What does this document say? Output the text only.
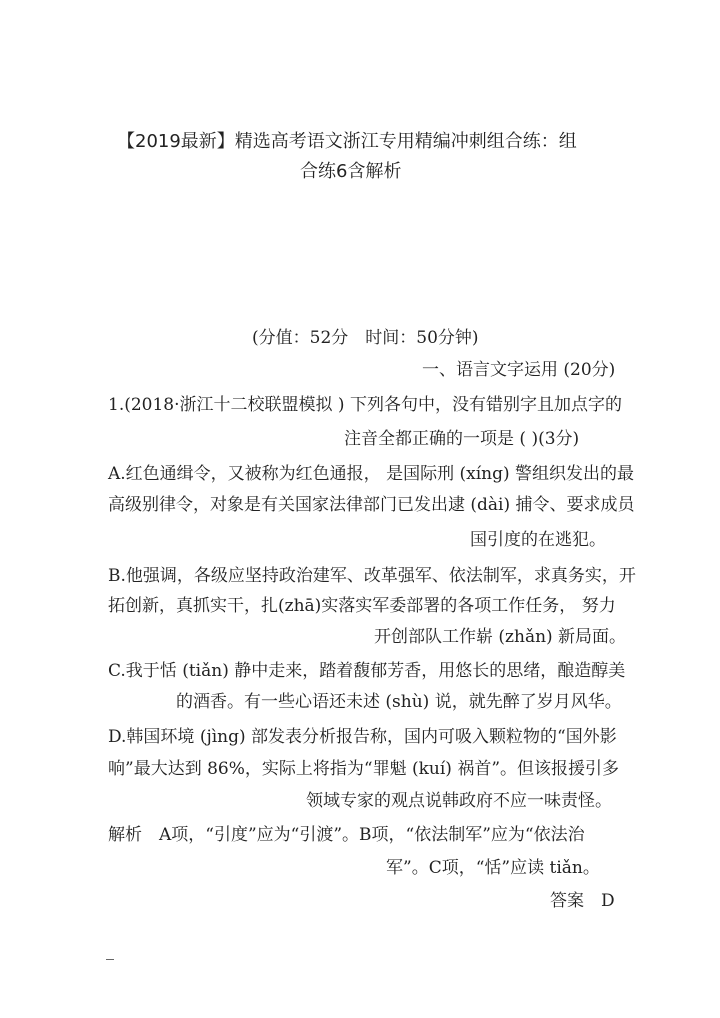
【2019最新】精选高考语文浙江专用精编冲刺组合练：组
合练6含解析
(分值：52分　时间：50分钟)
一、语言文字运用 (20分)
1.(2018·浙江十二校联盟模拟 ) 下列各句中，没有错别字且加点字的
注音全都正确的一项是 ( )(3分)
A.红色通缉令，又被称为红色通报， 是国际刑 (xíng) 警组织发出的最
高级别律令，对象是有关国家法律部门已发出逮 (dài) 捕令、要求成员
国引度的在逃犯。
B.他强调，各级应坚持政治建军、改革强军、依法制军，求真务实，开
拓创新，真抓实干，扎(zhā)实落实军委部署的各项工作任务， 努力
开创部队工作崭 (zhǎn) 新局面。
C.我于恬 (tiǎn) 静中走来，踏着馥郁芳香，用悠长的思绪，酿造醇美
的酒香。有一些心语还未述 (shù) 说，就先醉了岁月风华。
D.韩国环境 (jìng) 部发表分析报告称，国内可吸入颗粒物的“国外影
响”最大达到 86%，实际上将指为“罪魁 (kuí) 祸首”。但该报援引多
领域专家的观点说韩政府不应一味责怪。
解析　A项，“引度”应为“引渡”。B项，“依法制军”应为“依法治
军”。C项，“恬”应读 tiǎn。
答案　D
